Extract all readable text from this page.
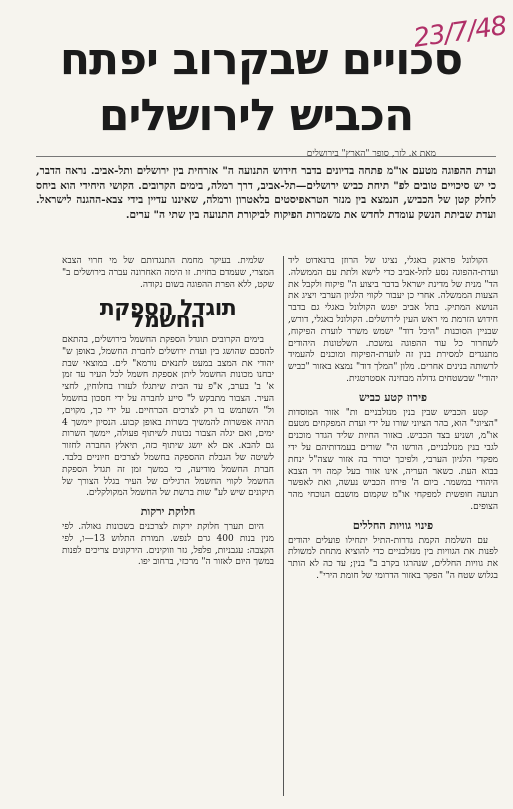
23/7/48
סכויים שבקרוב יפתח
הכביש לירושלים
מאת א. לזר, סופר "הארץ" בירושלים
ועדת ההפוגה מטעם או"מ פתחה בדיונים בדבר חידוש התנועה ה" אזרחית בין ירושלים ותל-אביב. נראה הדבר, כי יש סיכויים טובים לפ" תיחת כביש ירושלים—תל-אביב, דרך רמלה, בימים הקרובים. הקושי היחידי הוא ביחס לחלק קטן של הכביש, הנמצא בין מנזר הטראפיסטים בלאטרון ורמלה, שאיננו עדיין בידי צבא-ההגנה לישראל. ועדת שביתת הנשק עומדת לחדש את משמרות הפיקוח לביקורת התנועה בין שתי ה" ערים.

הקולונל פראנק באגלי, נציגו של הרוזן ברנאדוט ליד ועדת-ההפוגה נסע לתל-אביב כדי לישא ולתת עם הממשלה. הד" מנית של מדינת ישראל בדבר ביצוע ה" פיקוח ולקבל את הצעות הממשלה. אחרי כן יעבור לקווי הלגיון הערבי ויציג את הנושא המתיק. בתל אביב יפגש הקולונל באגלי גם בדבר חידוש הזרמת מי ראש העין לירושלים. הקולונל באגלי, דורש, שבניין הסוכנות "היכל דוד" ישמש משרד לועדת הפיקוח, לשחרור כל עוד ההפוגה נמשכת. השלטונות היהודים מתנגדים למסירת בנין זה לועדת-הפיקוח ומוכנים להעמיד לרשותה בנינים אחרים. מלון "המלך דוד" נמצא באזור "כביש יהודי" שבשטחים גדולה מבחינה אסטרטגית.

פירוז קטע כביש

קטע הכביש שבין בנין מנזלבניים ות" אזור המוסדות "הציוני" הוא, בהר הציוני שורו על ידי ועדת המפקחים מטעם או"מ, ושניע בצד הכביש. באזור החיות שליד הגדר מוכנים לגבי בנין מנזלבניים, הורשו הי" שורים בעמדותיהם על ידי מפקדי הלגיון הערבי, ולפיכך יבורר בה אזור שצה"ל ינחת בבוא העת. כשאר העריה, אינו אזור בעל קמה ויר הצבא היהודי במשמר. ביום ה' פירוז הכביש נעשה, ואת לאפשר תנועה חופשית למפקחי או"מ שקמום מושבם הנוכחי מהר הצופים.

פינוי גוויות החללים

עם השלמת הקמת גדרות-התיל יתחילו פועלים יהודים לפנות את הגוויות בין מנזלבניים כדי להוציא מתחת למשולת את גוויות החללים, שנהרגו בקרב ב" בנין; עד כה לא הותר בגלוש שטח ה" הפקר באזור הדרומי של חומת הירי".

שלמית. בעיקר מחמת התנגדותם של מי חרוי הצבא המצרי, שעמדם בחזית. זו הימה האחרונה עברה בירושלים ב" שקט, ללא הפרת ההפוגה בשום נקודה.

תוגדל הספקת החשמל

בימים הקרובים תוגדל הספקת החשמל בירושלים, בהתאם להסכם שהושג בין ועדת ירושלים לחברת החשמל, באופן ש" יהודי את המצב במעט לתנאים נורמא" לים. במוצאי שבת יבחנו מכונות החשמל ליתן אספקת חשמל לכל העיר עד זמן א' ב' בערב, א"פ עד הבית שיתגלו לעזרו בחלוחין, לחצי העיר. הצבור מתבקש ל" סייע לחברה על ידי חסכון בחשמל ול" השתמש בו רק לצרכים הכרחיים. על ידי כך, מקוים, תהיה אפשרות להמשיך בשרות באופן קבוע. הנסיון יימשך 4 ימים, ואם יגלה הצבור נכונות לשיתוף פעולה, יימשך השרות גם להבא. אם לא יושג שיתוף כזה, תיאלץ החברה לחזור לשיטה של הגבלת ההספקה בחשמל לצרכים חיוניים בלבד. חברת החשמל מודיעה, כי במשך זמן זה תגדל הספקת החשמל לקווי החשמל הרגילים של העיר בגלל הצורך של תיקונים שיש לע" שות ברשת של החשמל המקולקלים.

חלוקת ירקות

היום תערך חלוקת ירקות לצרכנים בשכונות גאולה. לפי מנין בנות 400 גרם לנפש. תמורת התלוש 13—ו, לפי הקצבה: עגבניות, פלפל, גזר וזוקינים. הירקונים צריכים לפנות במשך היום לאזור ה" מרכזי, ברחוב יפו.
